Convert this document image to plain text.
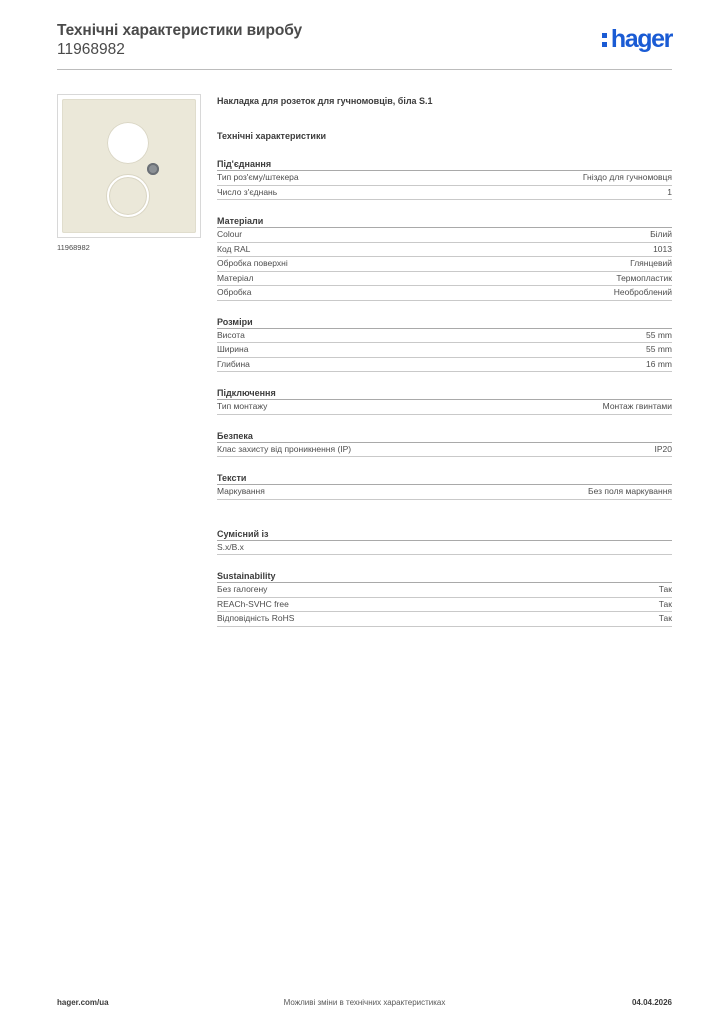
Технічні характеристики виробу
11968982	hager
11968982
Накладка для розеток для гучномовців, біла S.1
Технічні характеристики
Під'єднання
Тип роз'єму/штекера	Гніздо для гучномовця
Число з'єднань	1
Матеріали
Colour	Білий
Код RAL	1013
Обробка поверхні	Глянцевий
Матеріал	Термопластик
Обробка	Необроблений
Розміри
Висота	55 mm
Ширина	55 mm
Глибина	16 mm
Підключення
Тип монтажу	Монтаж гвинтами
Безпека
Клас захисту від проникнення (IP)	IP20
Тексти
Маркування	Без поля маркування
Сумісний із
S.x/B.x
Sustainability
Без галогену	Так
REACh-SVHC free	Так
Відповідність RoHS	Так
hager.com/ua	Можливі зміни в технічних характеристиках	04.04.2026
